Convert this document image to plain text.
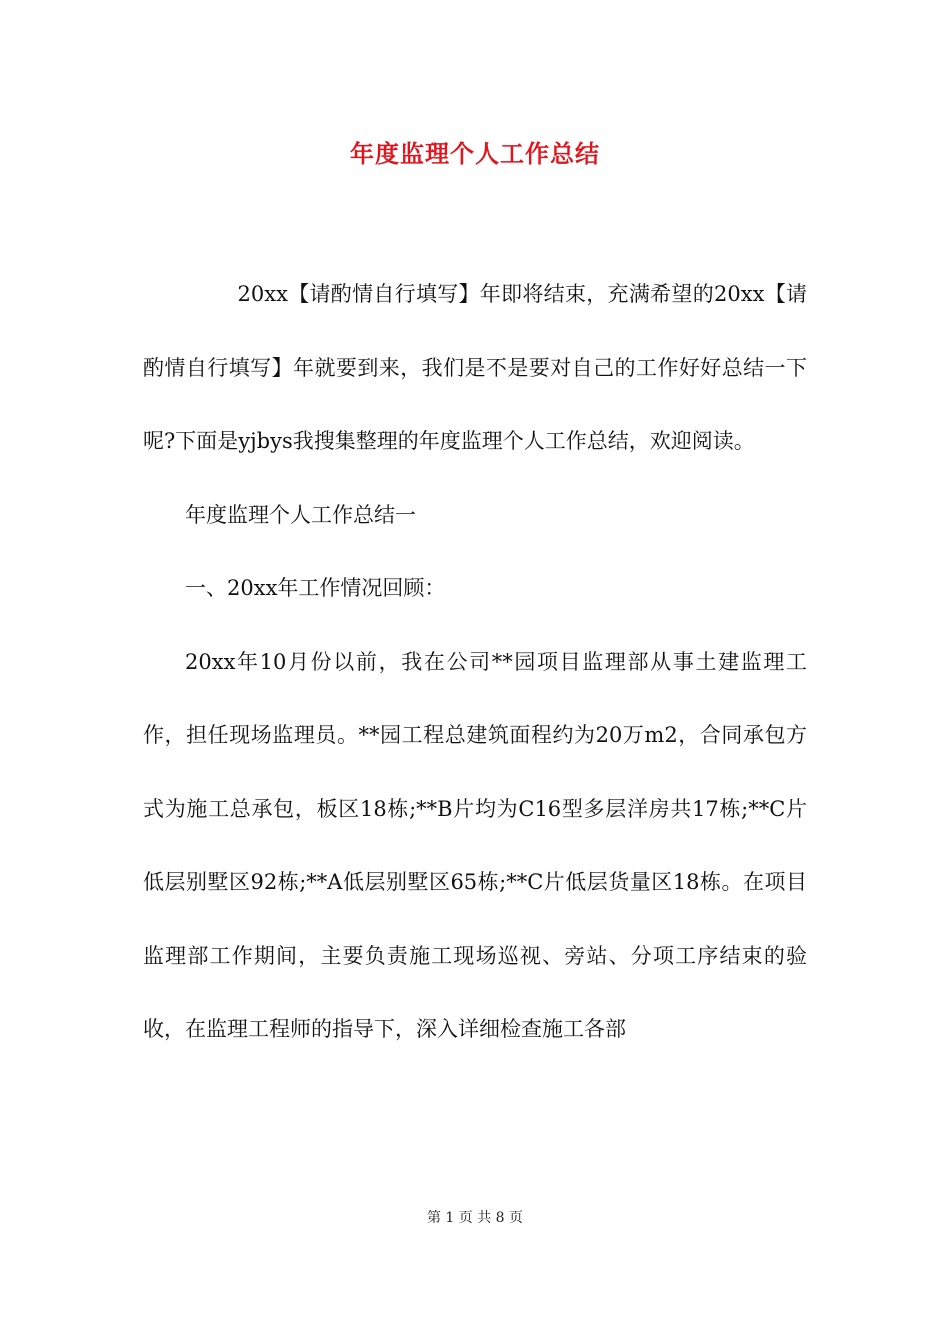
年度监理个人工作总结

20xx【请酌情自行填写】年即将结束，充满希望的20xx【请酌情自行填写】年就要到来，我们是不是要对自己的工作好好总结一下呢?下面是yjbys我搜集整理的年度监理个人工作总结，欢迎阅读。

年度监理个人工作总结一

一、20xx年工作情况回顾：

20xx年10月份以前，我在公司**园项目监理部从事土建监理工作，担任现场监理员。**园工程总建筑面程约为20万m2，合同承包方式为施工总承包，板区18栋;**B片均为C16型多层洋房共17栋;**C片低层别墅区92栋;**A低层别墅区65栋;**C片低层货量区18栋。在项目监理部工作期间，主要负责施工现场巡视、旁站、分项工序结束的验收，在监理工程师的指导下，深入详细检查施工各部

第 1 页 共 8 页
